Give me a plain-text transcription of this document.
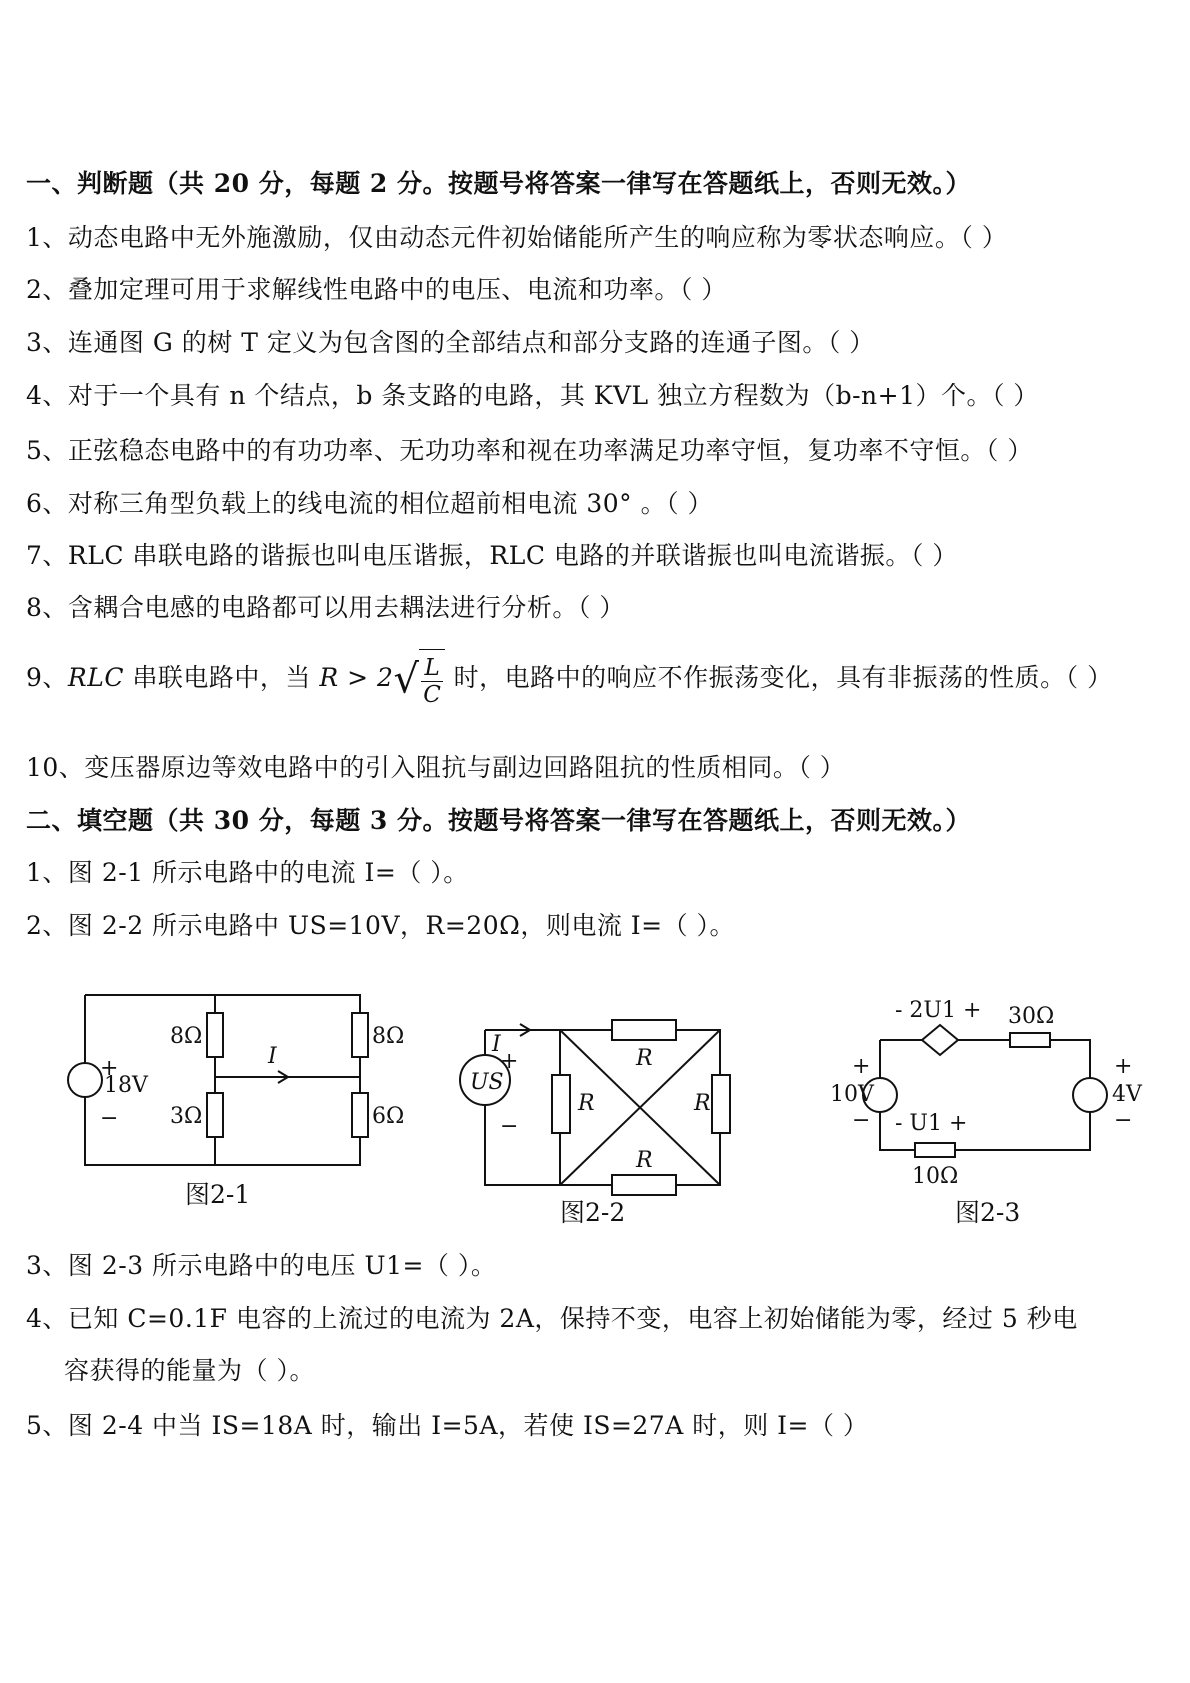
一、判断题（共 20 分，每题 2 分。按题号将答案一律写在答题纸上，否则无效。）
1、动态电路中无外施激励，仅由动态元件初始储能所产生的响应称为零状态响应。（ ）
2、叠加定理可用于求解线性电路中的电压、电流和功率。（ ）
3、连通图 G 的树 T 定义为包含图的全部结点和部分支路的连通子图。（ ）
4、对于一个具有 n 个结点，b 条支路的电路，其 KVL 独立方程数为（b-n+1）个。（ ）
5、正弦稳态电路中的有功功率、无功功率和视在功率满足功率守恒，复功率不守恒。（ ）
6、对称三角型负载上的线电流的相位超前相电流 30° 。（ ）
7、RLC 串联电路的谐振也叫电压谐振，RLC 电路的并联谐振也叫电流谐振。（ ）
8、含耦合电感的电路都可以用去耦法进行分析。（ ）
9、RLC 串联电路中，当 $R > 2√ \frac{L}{C}$ 时，电路中的响应不作振荡变化，具有非振荡的性质。（ ）
10、变压器原边等效电路中的引入阻抗与副边回路阻抗的性质相同。（ ）
二、填空题（共 30 分，每题 3 分。按题号将答案一律写在答题纸上，否则无效。）
1、图 2-1 所示电路中的电流 I=（ ）。
2、图 2-2 所示电路中 US=10V，R=20Ω，则电流 I=（ ）。
+
−
18V
8Ω
3Ω
8Ω
6Ω
I	I
+
−
US
R
R	R
R
- 2U1 + 30Ω
10V
+
−
4V
+
−
- U1 +
10Ω
图2-1
图2-2	图2-3
3、图 2-3 所示电路中的电压 U1=（ ）。
4、已知 C=0.1F 电容的上流过的电流为 2A，保持不变，电容上初始储能为零，经过 5 秒电
容获得的能量为（ ）。
5、图 2-4 中当 IS=18A 时，输出 I=5A，若使 IS=27A 时，则 I=（ ）
